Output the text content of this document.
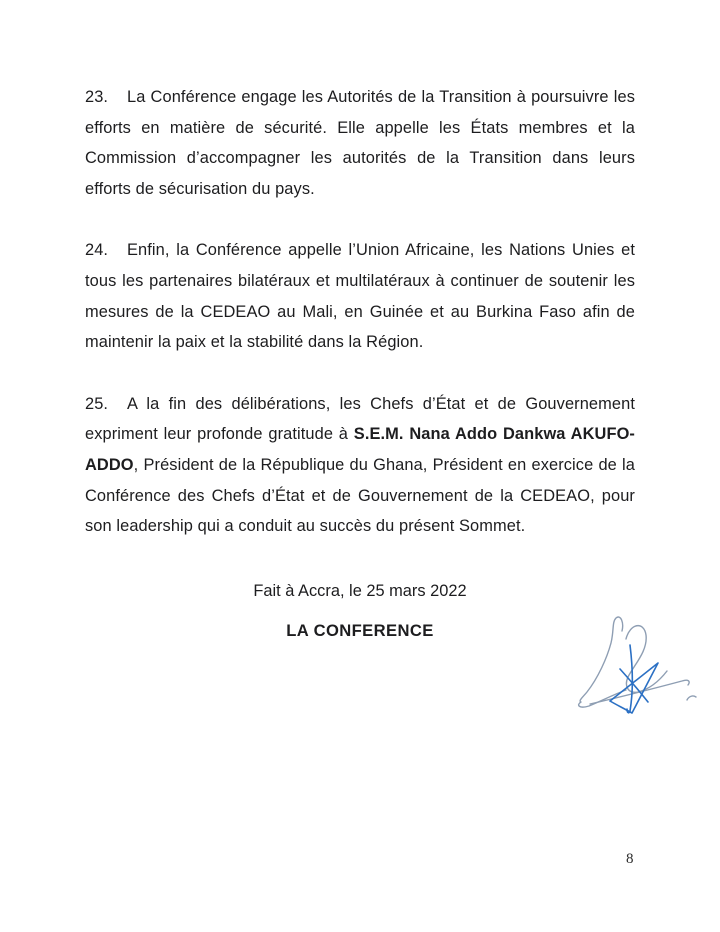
23. La Conférence engage les Autorités de la Transition à poursuivre les efforts en matière de sécurité. Elle appelle les États membres et la Commission d’accompagner les autorités de la Transition dans leurs efforts de sécurisation du pays.

24. Enfin, la Conférence appelle l’Union Africaine, les Nations Unies et tous les partenaires bilatéraux et multilatéraux à continuer de soutenir les mesures de la CEDEAO au Mali, en Guinée et au Burkina Faso afin de maintenir la paix et la stabilité dans la Région.

25. A la fin des délibérations, les Chefs d’État et de Gouvernement expriment leur profonde gratitude à S.E.M. Nana Addo Dankwa AKUFO-ADDO, Président de la République du Ghana, Président en exercice de la Conférence des Chefs d’État et de Gouvernement de la CEDEAO, pour son leadership qui a conduit au succès du présent Sommet.

Fait à Accra, le 25 mars 2022
LA CONFERENCE
8
